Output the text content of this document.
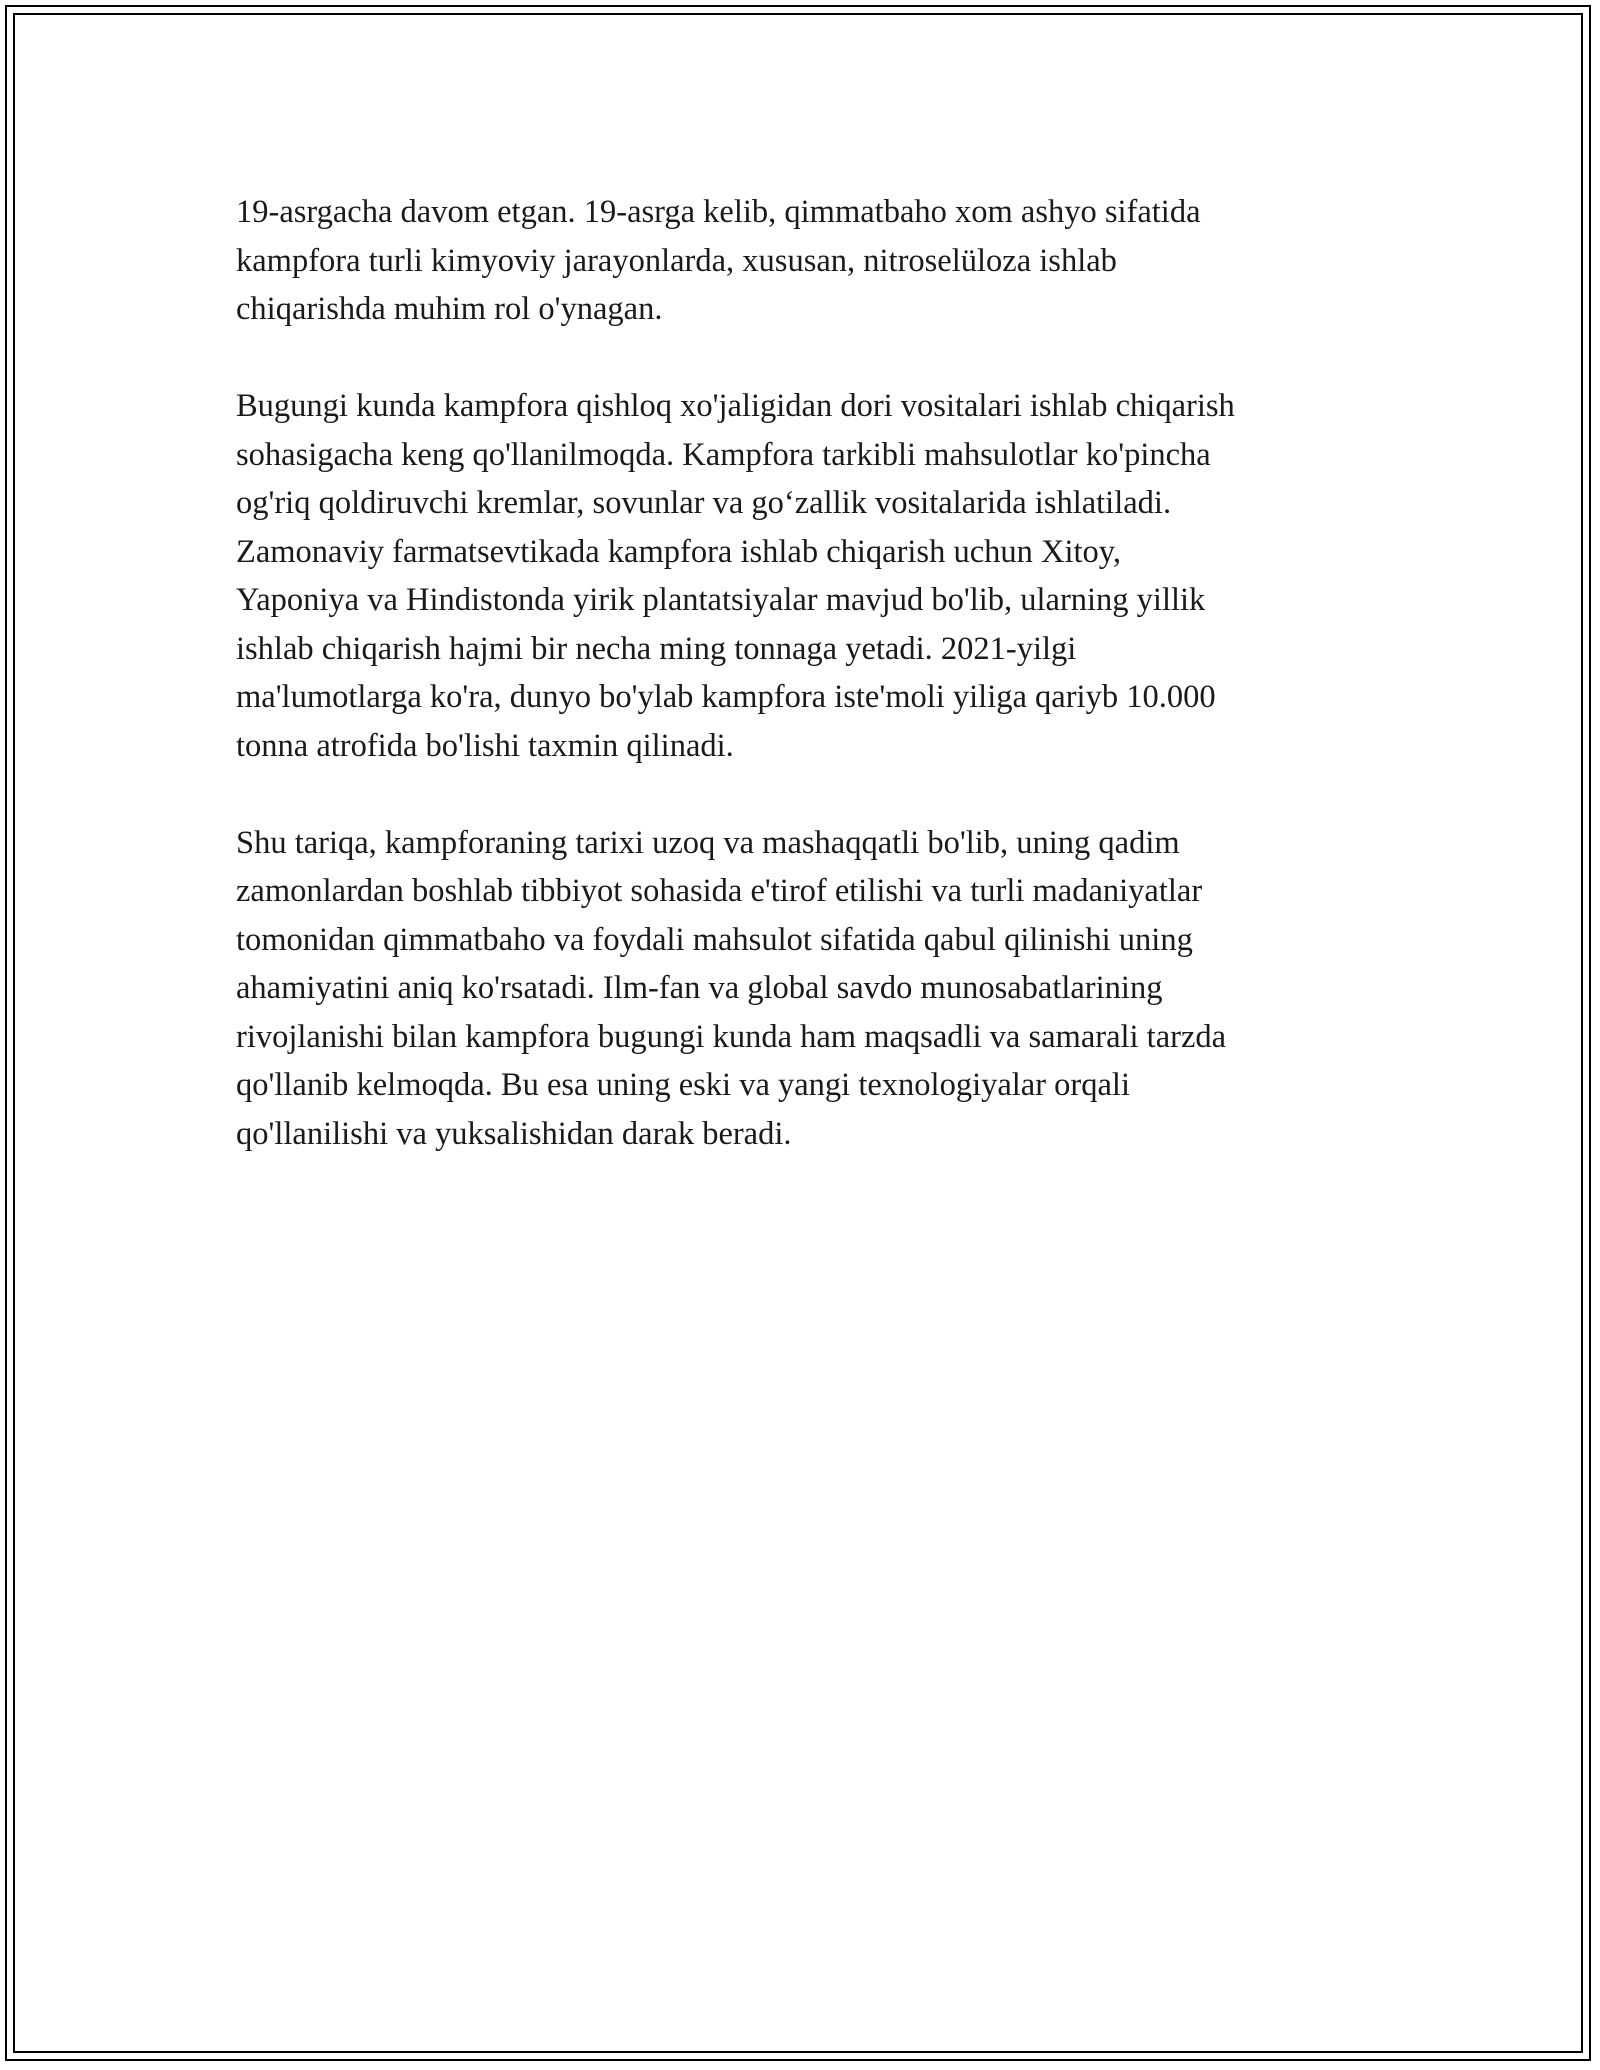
19-asrgacha davom etgan. 19-asrga kelib, qimmatbaho xom ashyo sifatida
kampfora turli kimyoviy jarayonlarda, xususan, nitroselüloza ishlab
chiqarishda muhim rol o'ynagan.

Bugungi kunda kampfora qishloq xo'jaligidan dori vositalari ishlab chiqarish
sohasigacha keng qo'llanilmoqda. Kampfora tarkibli mahsulotlar ko'pincha
og'riq qoldiruvchi kremlar, sovunlar va go‘zallik vositalarida ishlatiladi.
Zamonaviy farmatsevtikada kampfora ishlab chiqarish uchun Xitoy,
Yaponiya va Hindistonda yirik plantatsiyalar mavjud bo'lib, ularning yillik
ishlab chiqarish hajmi bir necha ming tonnaga yetadi. 2021-yilgi
ma'lumotlarga ko'ra, dunyo bo'ylab kampfora iste'moli yiliga qariyb 10.000
tonna atrofida bo'lishi taxmin qilinadi.

Shu tariqa, kampforaning tarixi uzoq va mashaqqatli bo'lib, uning qadim
zamonlardan boshlab tibbiyot sohasida e'tirof etilishi va turli madaniyatlar
tomonidan qimmatbaho va foydali mahsulot sifatida qabul qilinishi uning
ahamiyatini aniq ko'rsatadi. Ilm-fan va global savdo munosabatlarining
rivojlanishi bilan kampfora bugungi kunda ham maqsadli va samarali tarzda
qo'llanib kelmoqda. Bu esa uning eski va yangi texnologiyalar orqali
qo'llanilishi va yuksalishidan darak beradi.
